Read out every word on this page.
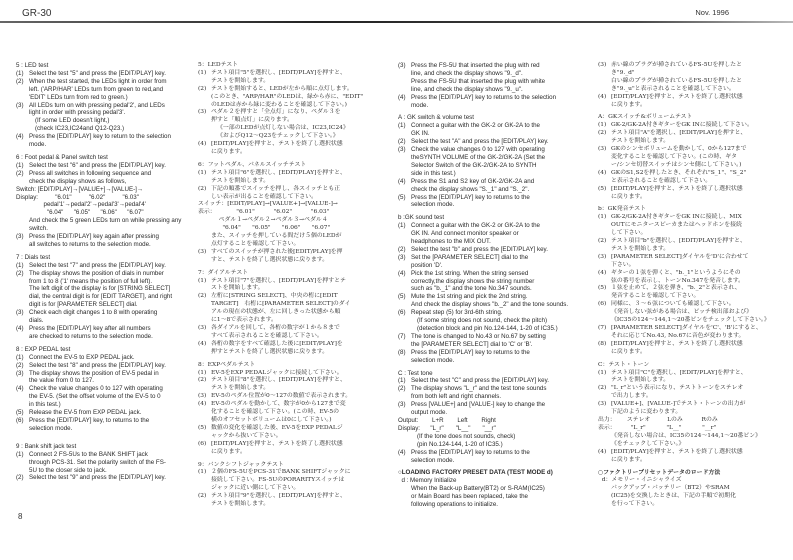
GR-30	Nov. 1996
5 : LED test
(1) Select the test "5" and press the [EDIT/PLAY] key.
(2) When the test started, the LEDs light in order from
left. ('ARP/HAR' LEDs turn from green to red,and
'EDIT' LEDs turn from red to green.)
(3) All LEDs turn on with pressing pedal'2', and LEDs
light in order with pressing pedal'3'.
(If some LED doesn't light,)
(check IC23,IC24and Q12-Q23.)
(4) Press the [EDIT/PLAY] key to return to the selection
mode.
6 : Foot pedal & Panel switch test
(1) Select the test "6" and press the [EDIT/PLAY] key.
(2) Press all switches in following sequence and
check the display shows as follows,
Switch: [EDIT/PLAY]→[VALUE+]→[VALUE-]→
Display:          "6.01"          "6.02"          "6.03"
pedal'1'→pedal'2'→pedal'3'→pedal'4'
"6.04"      "6.05"      "6.06"      "6.07"
And check the 5 green LEDs turn on while pressing any
switch.
(3) Press the [EDIT/PLAY] key again after pressing
all switches to returns to the selection mode.
7 : Dials test
(1) Select the test "7" and press the [EDIT/PLAY] key.
(2) The display shows the position of dials in number
from 1 to 8 ('1' means the position of full left).
The left digit of the display is for [STRING SELECT]
dial, the central digit is for [EDIT TARGET], and right
digit is for [PARAMETER SELECT] dial.
(3) Check each digit changes 1 to 8 with operating
dials.
(4) Press the [EDIT/PLAY] key after all numbers
are checked to returns to the selection mode.
8 : EXP PEDAL test
(1) Connect the EV-5 to EXP PEDAL jack.
(2) Select the test "8" and press the [EDIT/PLAY] key.
(3) The display shows the position of EV-5 pedal in
the value from 0 to 127.
(4) Check the value changes 0 to 127 with operating
the EV-5. (Set the offset volume of the EV-5 to 0
in this test.)
(5) Release the EV-5 from EXP PEDAL jack.
(6) Press the [EDIT/PLAY] key, to returns to the
selection mode.
9 : Bank shift jack test
(1) Connect 2 FS-5Us to the BANK SHIFT jack
through PCS-31. Set the polarity switch of the FS-
5U to the closer side to jack.
(2) Select the test "9" and press the [EDIT/PLAY] key.
5：LEDテスト
(1) テスト項目"5"を選択し、[EDIT/PLAY]を押すと、
テストを開始します。
(2) テストを開始すると、LEDが左から順に点灯します。
(このとき、"ARP/HAR"のLEDは、緑から赤に、"EDIT"
のLEDは赤から緑に変わることを確認して下さい。)
(3) ペダル２を押すと「全点灯」になり、ペダル３を
押すと「順点灯」に戻ります。
《一部のLEDが点灯しない場合は、IC23,IC24》
《およびQ12〜Q23をチェックして下さい。》
(4) [EDIT/PLAY]を押すと、テストを終了し選択状態
に戻ります。
6：フットペダル、パネルスイッチテスト
(1) テスト項目"6"を選択し、[EDIT/PLAY]を押すと、
テストを開始します。
(2) 下記の順番でスイッチを押し、各スイッチとも正
しい表示が出ることを確認して下さい。
スイッチ：[EDIT/PLAY]→[VALUE+]→[VALUE-]→
表示：           "6.01"          "6.02"          "6.03"
ペダル１→ペダル２→ペダル３→ペダル４
"6.04"      "6.05"      "6.06"      "6.07"
また、スイッチを押している間だけ５個のLEDが
点灯することを確認して下さい。
(3) すべてのスイッチが押された後[EDIT/PLAY]を押
すと、テストを終了し選択状態に戻ります。
7：ダイアルテスト
(1) テスト項目"7"を選択し、[EDIT/PLAY]を押すとテ
ストを開始します。
(2) 左桁に[STRING SELECT]、中央の桁に[EDIT
TARGET]　右桁に[PARAMETER SELECT]のダイ
アルの現在の状態が、左に回しきった状態から順
に1〜8で表示されます。
(3) 各ダイアルを回して、各桁の数字が１から８まで
すべて表示されることを確認して下さい。
(4) 各桁の数字をすべて確認した後に[EDIT/PLAY]を
押すとテストを終了し選択状態に戻ります。
8：EXPペダルテスト
(1) EV-5をEXP PEDALジャックに接続して下さい。
(2) テスト項目"8"を選択し、[EDIT/PLAY]を押すと、
テストを開始します。
(3) EV-5のペダル位置が0〜127の数値で表示されます。
(4) EV-5のペダルを動かして、数字が0から127まで変
化することを確認して下さい。(この時、EV-5の
横のオフセットボリュームは0にして下さい。)
(5) 数値の変化を確認した後、EV-5をEXP PEDALジ
ャックから抜いて下さい。
(6) [EDIT/PLAY]を押すと、テストを終了し選択状態
に戻ります。
9：バンクシフトジャックテスト
(1) ２個のFS-5UをPCS-31でBANK SHIFTジャックに
接続して下さい。FS-5UのPORARITYスイッチは
ジャックに近い側にして下さい。
(2) テスト項目"9"を選択し、[EDIT/PLAY]を押すと、
テストを開始します。
(3) Press the FS-5U that inserted the plug with red
line, and check the display shows "9._d".
Press the FS-5U that inserted the plug with white
line, and check the display shows "9._u".
(4) Press the [EDIT/PLAY] key to returns to the selection
mode.
A : GK switch & volume test
(1) Connect a guitar with the GK-2 or GK-2A to the
GK IN.
(2) Select the test "A" and press the [EDIT/PLAY] key.
(3) Check the value changes 0 to 127 with operating
theSYNTH VOLUME of the GK-2/GK-2A (Set the
Selector Switch of the GK-2/GK-2A to SYNTH
side in this test.)
(4) Press the S1 and S2 key of GK-2/GK-2A and
check the display shows "S._1" and "S._2".
(5) Press the [EDIT/PLAY] key to returns to the
selection mode.
b :GK sound test
(1) Connect a guitar with the GK-2 or GK-2A to the
GK IN. And connect monitor speaker or
headphones to the MIX OUT.
(2) Select the test "b" and press the [EDIT/PLAY] key.
(3) Set the [PARAMETER SELECT] dial to the
position 'D'.
(4) Pick the 1st string. When the string sensed
correctly,the display shows the string number
such as "b._1" and the tone No.347 sounds.
(5) Mute the 1st string and pick the 2nd string.
And check the display shows "b._2" and the tone sounds.
(6) Repeat step (5) for 3rd-6th string.
(If some string does not sound, check the pitch)
(detection block and pin No.124-144, 1-20 of IC35.)
(7) The tone is changed to No.43 or No.67 by setting
the [PARAMETER SELECT] dial to 'C' or 'B'.
(8) Press the [EDIT/PLAY] key to returns to the
selection mode.
C : Test tone
(1) Select the test "C" and press the [EDIT/PLAY] key.
(2) The display shows "L_r" and the test tone sounds
from both left and right channels.
(3) Press [VALUE+] and [VALUE-] key to change the
output mode.
Output:        L+R        Left        Right
Display:      "L_r"       "L__"       "__r"
(If the tone does not sounds, check)
(pin No.124-144, 1-20 of IC35.)
(4) Press the [EDIT/PLAY] key to returns to the
selection mode.
○LOADING FACTORY PRESET DATA (TEST MODE d)
d : Memory Initialize
When the Back-up Battery(BT2) or S-RAM(IC25)
or Main Board has been replaced, take the
following operations to initialize.
(3) 赤い線のプラグが挿されているFS-5Uを押したと
き"9._d"
白い線のプラグが挿されているFS-5Uを押したと
き"9._u"と表示されることを確認して下さい。
(4) [EDIT/PLAY]を押すと、テストを終了し選択状態
に戻ります。
A：GKスイッチ&ボリュームテスト
(1) GK-2/GK-2A付きギターをGK INに接続して下さい。
(2) テスト項目"A"を選択し、[EDIT/PLAY]を押すと、
テストを開始します。
(3) GKのシンセボリュームを動かして、0から127まで
変化することを確認して下さい。(この時、ギタ
ー/シンセ切替スイッチはシンセ側にして下さい。)
(4) GKのS1,S2を押したとき、それぞれ"S_1"、"S_2"
と表示されることを確認して下さい。
(5) [EDIT/PLAY]を押すと、テストを終了し選択状態
に戻ります。
b：GK発音テスト
(1) GK-2/GK-2A付きギターをGK INに接続し、MIX
OUTにモニタースピーカまたはヘッドホンを接続
して下さい。
(2) テスト項目"b"を選択し、[EDIT/PLAY]を押すと、
テストを開始します。
(3) [PARAMETER SELECT]ダイヤルを'D'に合わせて
下さい。
(4) ギターの１弦を弾くと、"b._1"というようにその
弦の番号を表示し、トーンNo.347を発音します。
(5) １弦を止めて、２弦を弾き、"b._2"と表示され、
発音することを確認して下さい。
(6) 同様に、３〜６弦についても確認して下さい。
《発音しない弦がある場合は、ピッチ検出部および》
《IC35の124〜144,1〜20番ピンをチェックして下さい。》
(7) [PARAMETER SELECT]ダイヤルを'C'、'B'にすると、
それに応じてNo.43, No.67に音色が変わります。
(8) [EDIT/PLAY]を押すと、テストを終了し選択状態
に戻ります。
C：テスト・トーン
(1) テスト項目"C"を選択し、[EDIT/PLAY]を押すと、
テストを開始します。
(2) "L_r"という表示になり、テストトーンをステレオ
で出力します。
(3) [VALUE+]、[VALUE-]でテスト・トーンの出力が
下記のように変わります。
出力：      ステレオ         Lのみ          Rのみ
表示：        "L_r"           "L__"           "__r"
《発音しない場合は、IC35の124〜144,1〜20番ピン》
《をチェックして下さい。》
(4) [EDIT/PLAY]を押すと、テストを終了し選択状態
に戻ります。
○ファクトリープリセットデータのロード方法
d：メモリー・イニシャライズ
バックアップ・バッテリー（BT2）やSRAM
(IC25)を交換したときは、下記の手順で初期化
を行って下さい。
8
